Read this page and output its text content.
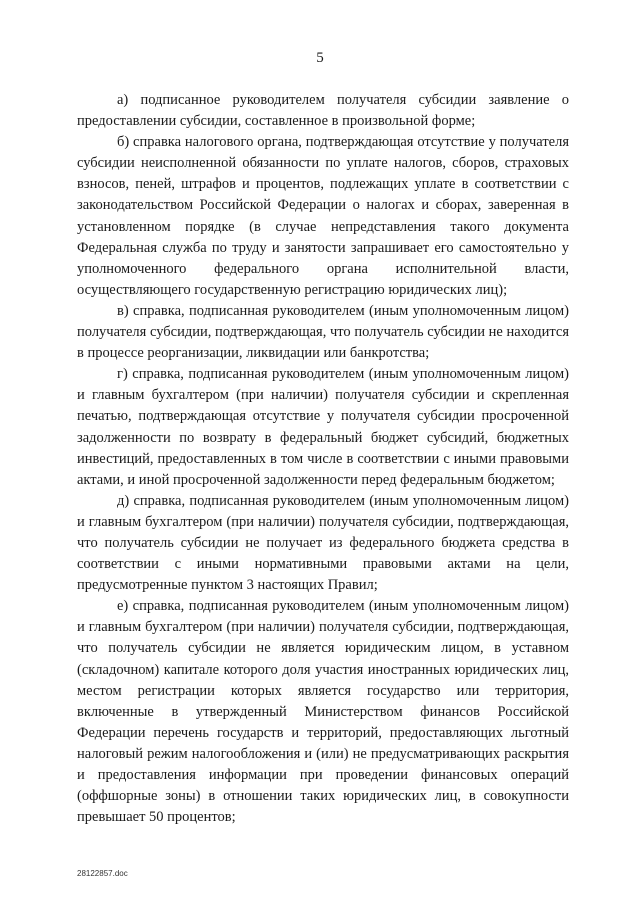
5

а) подписанное руководителем получателя субсидии заявление о предоставлении субсидии, составленное в произвольной форме;

б) справка налогового органа, подтверждающая отсутствие у получателя субсидии неисполненной обязанности по уплате налогов, сборов, страховых взносов, пеней, штрафов и процентов, подлежащих уплате в соответствии с законодательством Российской Федерации о налогах и сборах, заверенная в установленном порядке (в случае непредставления такого документа Федеральная служба по труду и занятости запрашивает его самостоятельно у уполномоченного федерального органа исполнительной власти, осуществляющего государственную регистрацию юридических лиц);

в) справка, подписанная руководителем (иным уполномоченным лицом) получателя субсидии, подтверждающая, что получатель субсидии не находится в процессе реорганизации, ликвидации или банкротства;

г) справка, подписанная руководителем (иным уполномоченным лицом) и главным бухгалтером (при наличии) получателя субсидии и скрепленная печатью, подтверждающая отсутствие у получателя субсидии просроченной задолженности по возврату в федеральный бюджет субсидий, бюджетных инвестиций, предоставленных в том числе в соответствии с иными правовыми актами, и иной просроченной задолженности перед федеральным бюджетом;

д) справка, подписанная руководителем (иным уполномоченным лицом) и главным бухгалтером (при наличии) получателя субсидии, подтверждающая, что получатель субсидии не получает из федерального бюджета средства в соответствии с иными нормативными правовыми актами на цели, предусмотренные пунктом 3 настоящих Правил;

е) справка, подписанная руководителем (иным уполномоченным лицом) и главным бухгалтером (при наличии) получателя субсидии, подтверждающая, что получатель субсидии не является юридическим лицом, в уставном (складочном) капитале которого доля участия иностранных юридических лиц, местом регистрации которых является государство или территория, включенные в утвержденный Министерством финансов Российской Федерации перечень государств и территорий, предоставляющих льготный налоговый режим налогообложения и (или) не предусматривающих раскрытия и предоставления информации при проведении финансовых операций (оффшорные зоны) в отношении таких юридических лиц, в совокупности превышает 50 процентов;

28122857.doc
